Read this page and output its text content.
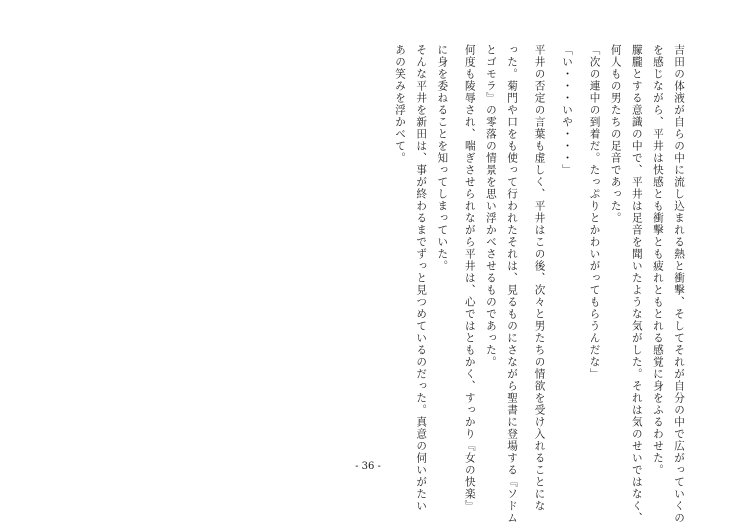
吉田の体液が自らの中に流し込まれる熱と衝撃、そしてそれが自分の中で広がっていくの
を感じながら、平井は快感とも衝撃とも疲れともとれる感覚に身をふるわせた。
朦朧とする意識の中で、平井は足音を聞いたような気がした。それは気のせいではなく、
何人もの男たちの足音であった。
「次の連中の到着だ。たっぷりとかわいがってもらうんだな」
「い・・・いや・・・」
平井の否定の言葉も虚しく、平井はこの後、次々と男たちの情欲を受け入れることにな
った。菊門や口をも使って行われたそれは、見るものにさながら聖書に登場する『ソドム
とゴモラ』の零落の情景を思い浮かべさせるものであった。
何度も陵辱され、喘ぎさせられながら平井は、心ではともかく、すっかり『女の快楽』
に身を委ねることを知ってしまっていた。
そんな平井を新田は、事が終わるまでずっと見つめているのだった。真意の伺いがたい
あの笑みを浮かべて。
- 36 -
